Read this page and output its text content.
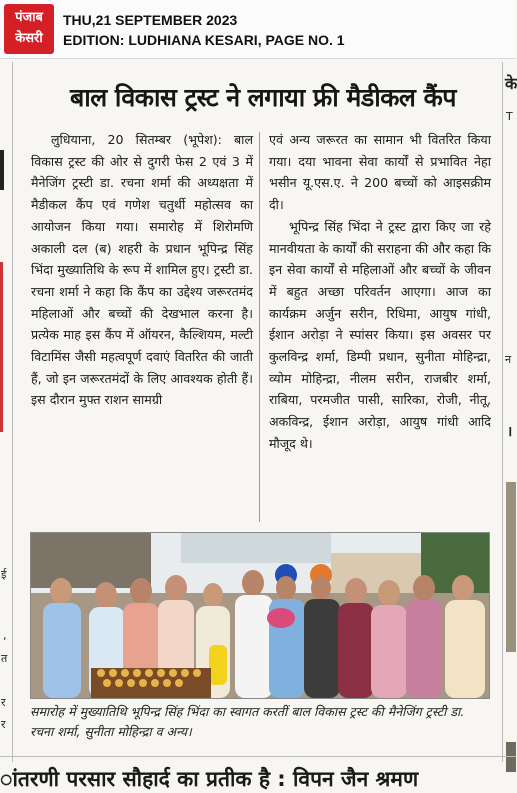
पंजाब
केसरी
THU,21 SEPTEMBER 2023
EDITION: LUDHIANA KESARI, PAGE NO. 1
ई
,
त
र
र
के
T
न
।
बाल विकास ट्रस्ट ने लगाया फ्री मैडीकल कैंप

लुधियाना, 20 सितम्बर (भूपेश): बाल विकास ट्रस्ट की ओर से दुगरी फेस 2 एवं 3 में मैनेजिंग ट्रस्टी डा. रचना शर्मा की अध्यक्षता में मैडीकल कैंप एवं गणेश चतुर्थी महोत्सव का आयोजन किया गया। समारोह में शिरोमणि अकाली दल (ब) शहरी के प्रधान भूपिन्द्र सिंह भिंदा मुख्यातिथि के रूप में शामिल हुए। ट्रस्टी डा. रचना शर्मा ने कहा कि कैंप का उद्देश्य जरूरतमंद महिलाओं और बच्चों की देखभाल करना है। प्रत्येक माह इस कैंप में ऑयरन, कैल्शियम, मल्टी विटामिंस जैसी महत्वपूर्ण दवाएं वितरित की जाती हैं, जो इन जरूरतमंदों के लिए आवश्यक होती हैं। इस दौरान मुफ्त राशन सामग्री

एवं अन्य जरूरत का सामान भी वितरित किया गया। दया भावना सेवा कार्यों से प्रभावित नेहा भसीन यू.एस.ए. ने 200 बच्चों को आइसक्रीम दी।

भूपिन्द्र सिंह भिंदा ने ट्रस्ट द्वारा किए जा रहे मानवीयता के कार्यों की सराहना की और कहा कि इन सेवा कार्यों से महिलाओं और बच्चों के जीवन में बहुत अच्छा परिवर्तन आएगा। आज का कार्यक्रम अर्जुन सरीन, रिधिमा, आयुष गांधी, ईशान अरोड़ा ने स्पांसर किया। इस अवसर पर कुलविन्द्र शर्मा, डिम्पी प्रधान, सुनीता मोहिन्द्रा, व्योम मोहिन्द्रा, नीलम सरीन, राजबीर शर्मा, राबिया, परमजीत पासी, सारिका, रोजी, नीतू, अकविन्द्र, ईशान अरोड़ा, आयुष गांधी आदि मौजूद थे।

समारोह में मुख्यातिथि भूपिन्द्र सिंह भिंदा का स्वागत करतीं बाल विकास ट्रस्ट की मैनेजिंग ट्रस्टी डा. रचना शर्मा, सुनीता मोहिन्द्रा व अन्य।
ांतरणी परसार सौहार्द का प्रतीक है : विपन जैन श्रमण
